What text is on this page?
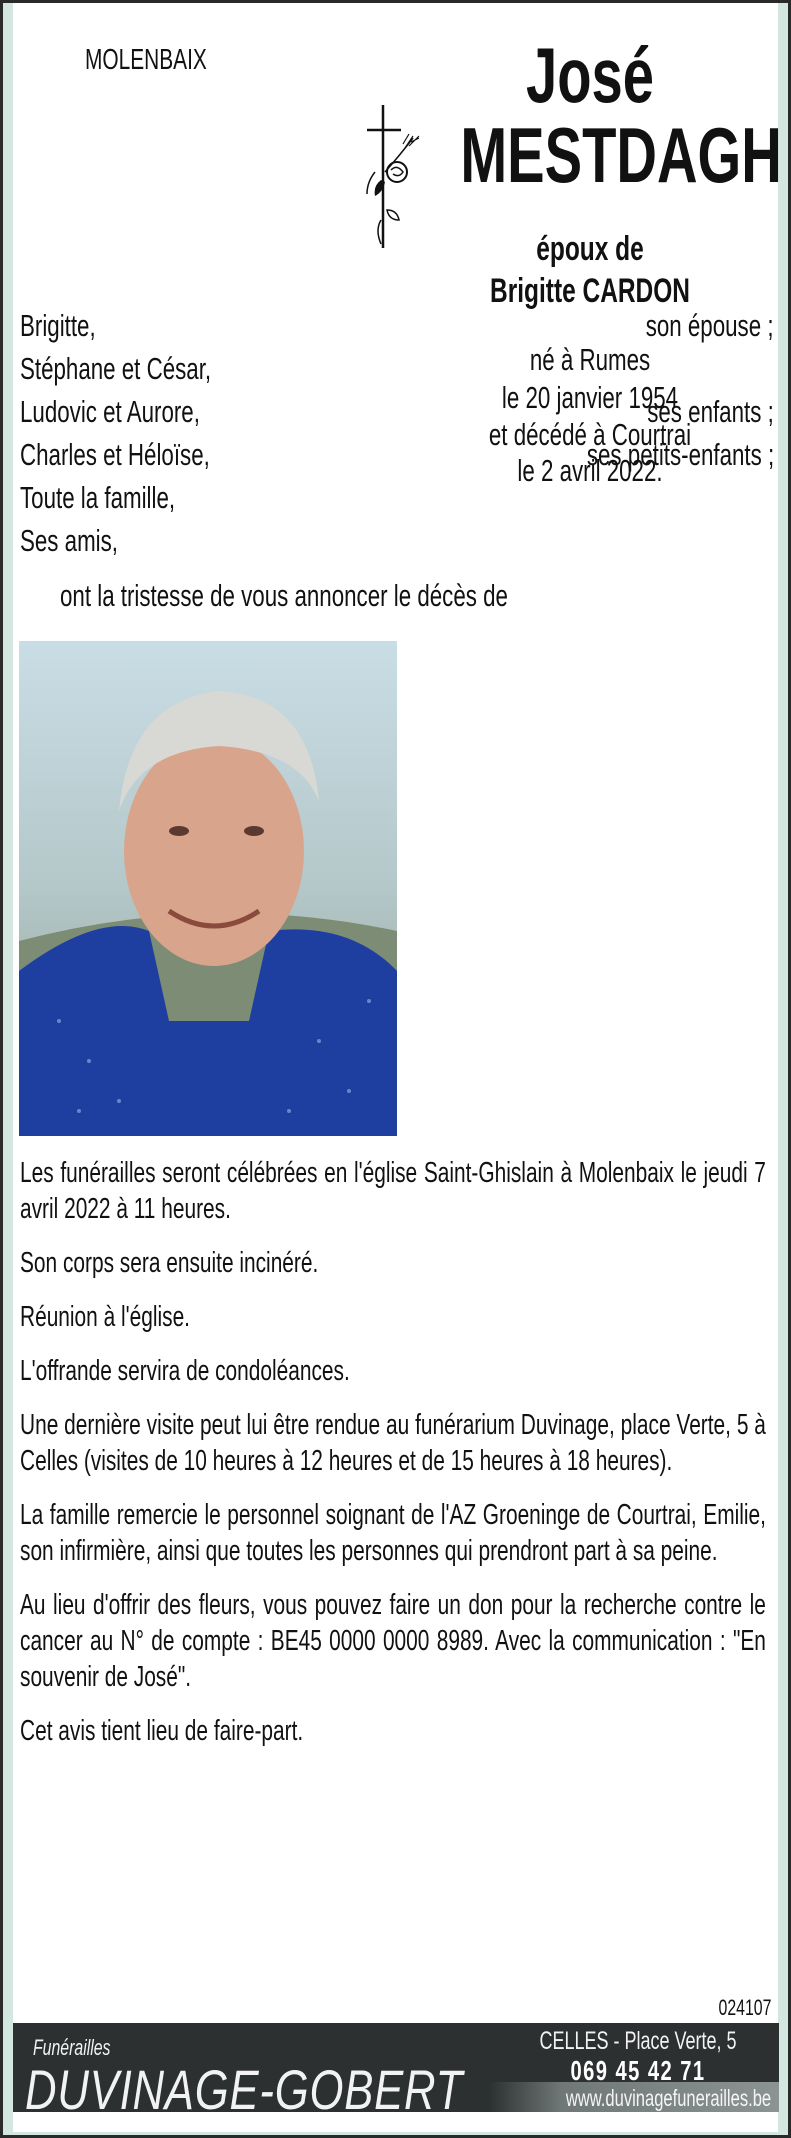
MOLENBAIX
Brigitte,	son épouse ;
Stéphane et César,
Ludovic et Aurore,	ses enfants ;
Charles et Héloïse,	ses petits-enfants ;
Toute la famille,
Ses amis,
ont la tristesse de vous annoncer le décès de
José
MESTDAGH
époux de
Brigitte CARDON
né à Rumes
le 20 janvier 1954
et décédé à Courtrai
le 2 avril 2022.

Les funérailles seront célébrées en l'église Saint-Ghislain à Molenbaix le jeudi 7 avril 2022 à 11 heures.

Son corps sera ensuite incinéré.

Réunion à l'église.

L'offrande servira de condoléances.

Une dernière visite peut lui être rendue au funérarium Duvinage, place Verte, 5 à Celles (visites de 10 heures à 12 heures et de 15 heures à 18 heures).

La famille remercie le personnel soignant de l'AZ Groeninge de Courtrai, Emilie, son infirmière, ainsi que toutes les personnes qui prendront part à sa peine.

Au lieu d'offrir des fleurs, vous pouvez faire un don pour la recherche contre le cancer au N° de compte : BE45 0000 0000 8989. Avec la communication : "En souvenir de José".

Cet avis tient lieu de faire-part.

024107
Funérailles
DUVINAGE-GOBERT
CELLES - Place Verte, 5
069 45 42 71
www.duvinagefunerailles.be
